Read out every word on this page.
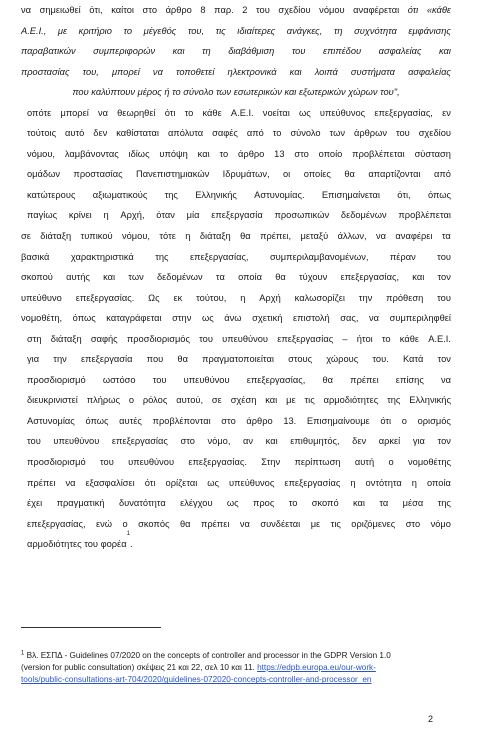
να σημειωθεί ότι, καίτοι στο άρθρο 8 παρ. 2 του σχεδίου νόμου αναφέρεται ότι «κάθε
Α.Ε.Ι., με κριτήριο το μέγεθός του, τις ιδιαίτερες ανάγκες, τη συχνότητα εμφάνισης
παραβατικών συμπεριφορών και τη διαβάθμιση του επιπέδου ασφαλείας και
προστασίας του, μπορεί να τοποθετεί ηλεκτρονικά και λοιπά συστήματα ασφαλείας
που καλύπτουν μέρος ή το σύνολο των εσωτερικών και εξωτερικών χώρων του",
οπότε μπορεί να θεωρηθεί ότι το κάθε Α.Ε.Ι. νοείται ως υπεύθυνος επεξεργασίας, εν
τούτοις αυτό δεν καθίσταται απόλυτα σαφές από το σύνολο των άρθρων του σχεδίου
νόμου, λαμβάνοντας ιδίως υπόψη και το άρθρο 13 στο οποίο προβλέπεται σύσταση
ομάδων προστασίας Πανεπιστημιακών Ιδρυμάτων, οι οποίες θα απαρτίζονται από
κατώτερους αξιωματικούς της Ελληνικής Αστυνομίας. Επισημαίνεται ότι, όπως
παγίως κρίνει η Αρχή, όταν μία επεξεργασία προσωπικών δεδομένων προβλέπεται
σε διάταξη τυπικού νόμου, τότε η διάταξη θα πρέπει, μεταξύ άλλων, να αναφέρει τα
βασικά χαρακτηριστικά της επεξεργασίας, συμπεριλαμβανομένων, πέραν του
σκοπού αυτής και των δεδομένων τα οποία θα τύχουν επεξεργασίας, και τον
υπεύθυνο επεξεργασίας. Ως εκ τούτου, η Αρχή καλωσορίζει την πρόθεση του
νομοθέτη, όπως καταγράφεται στην ως άνω σχετική επιστολή σας, να συμπεριληφθεί
στη διάταξη σαφής προσδιορισμός του υπευθύνου επεξεργασίας – ήτοι το κάθε Α.Ε.Ι.
για την επεξεργασία που θα πραγματοποιείται στους χώρους του. Κατά τον
προσδιορισμό ωστόσο του υπευθύνου επεξεργασίας, θα πρέπει επίσης να
διευκρινιστεί πλήρως ο ρόλος αυτού, σε σχέση και με τις αρμοδιότητες της Ελληνικής
Αστυνομίας όπως αυτές προβλέπονται στο άρθρο 13. Επισημαίνουμε ότι ο ορισμός
του υπευθύνου επεξεργασίας στο νόμο, αν και επιθυμητός, δεν αρκεί για τον
προσδιορισμό του υπευθύνου επεξεργασίας. Στην περίπτωση αυτή ο νομοθέτης
πρέπει να εξασφαλίσει ότι ορίζεται ως υπεύθυνος επεξεργασίας η οντότητα η οποία
έχει πραγματική δυνατότητα ελέγχου ως προς το σκοπό και τα μέσα της
επεξεργασίας, ενώ ο σκοπός θα πρέπει να συνδέεται με τις οριζόμενες στο νόμο
αρμοδιότητες του φορέα
1
.
$^1$ Βλ. ΕΣΠΔ - Guidelines 07/2020 on the concepts of controller and processor in the GDPR Version 1.0
(version for public consultation) σκέψεις 21 και 22, σελ 10 και 11. https://edpb.europa.eu/our-work-
tools/public-consultations-art-704/2020/guidelines-072020-concepts-controller-and-processor_en
2
